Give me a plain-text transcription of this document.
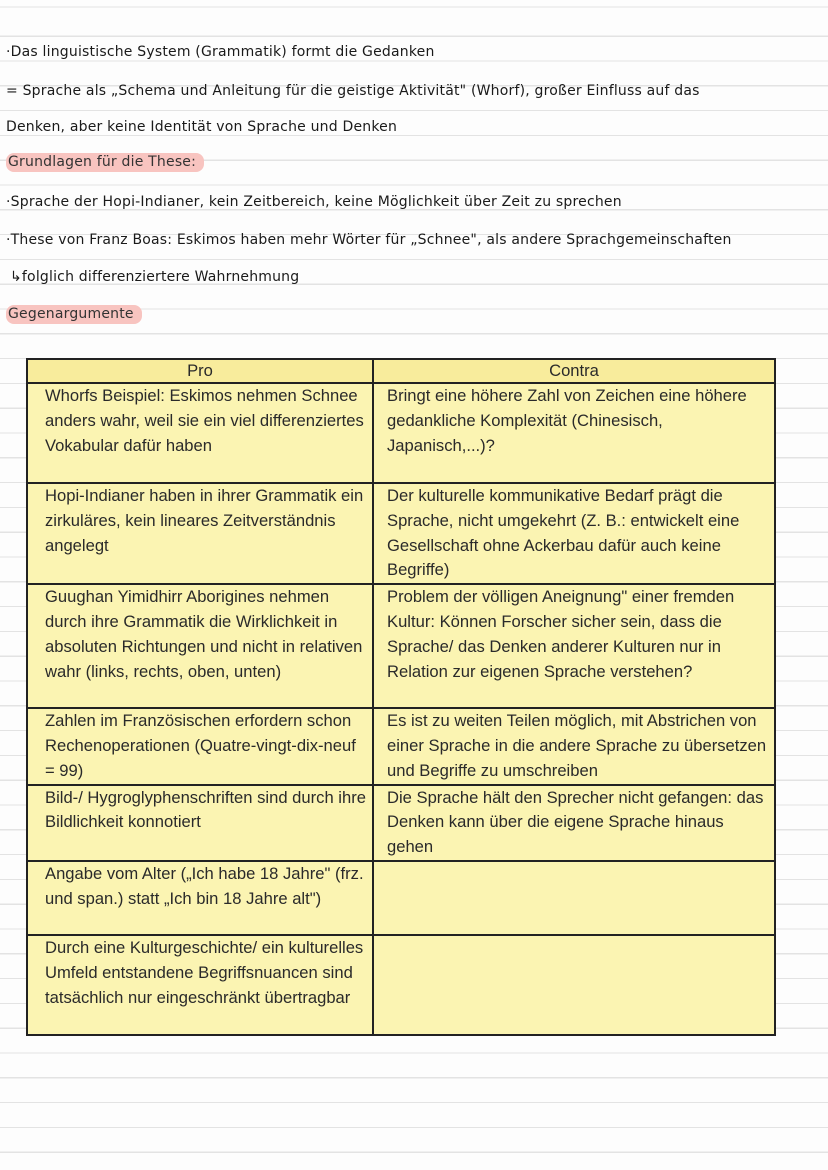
·Das linguistische System (Grammatik) formt die Gedanken
= Sprache als „Schema und Anleitung für die geistige Aktivität" (Whorf), großer Einfluss auf das
Denken, aber keine Identität von Sprache und Denken
Grundlagen für die These:
·Sprache der Hopi-Indianer, kein Zeitbereich, keine Möglichkeit über Zeit zu sprechen
·These von Franz Boas: Eskimos haben mehr Wörter für „Schnee", als andere Sprachgemeinschaften
↳folglich differenziertere Wahrnehmung
Gegenargumente
Pro	Contra
Whorfs Beispiel: Eskimos nehmen Schnee anders wahr, weil sie ein viel differenziertes Vokabular dafür haben	Bringt eine höhere Zahl von Zeichen eine höhere gedankliche Komplexität (Chinesisch, Japanisch,...)?
Hopi-Indianer haben in ihrer Grammatik ein zirkuläres, kein lineares Zeitverständnis angelegt	Der kulturelle kommunikative Bedarf prägt die Sprache, nicht umgekehrt (Z. B.: entwickelt eine Gesellschaft ohne Ackerbau dafür auch keine Begriffe)
Guughan Yimidhirr Aborigines nehmen durch ihre Grammatik die Wirklichkeit in absoluten Richtungen und nicht in relativen wahr (links, rechts, oben, unten)	Problem der völligen Aneignung" einer fremden Kultur: Können Forscher sicher sein, dass die Sprache/ das Denken anderer Kulturen nur in Relation zur eigenen Sprache verstehen?
Zahlen im Französischen erfordern schon Rechenoperationen (Quatre-vingt-dix-neuf = 99)	Es ist zu weiten Teilen möglich, mit Abstrichen von einer Sprache in die andere Sprache zu übersetzen und Begriffe zu umschreiben
Bild-/ Hygroglyphenschriften sind durch ihre Bildlichkeit konnotiert	Die Sprache hält den Sprecher nicht gefangen: das Denken kann über die eigene Sprache hinaus gehen
Angabe vom Alter („Ich habe 18 Jahre" (frz. und span.) statt „Ich bin 18 Jahre alt")	
Durch eine Kulturgeschichte/ ein kulturelles Umfeld entstandene Begriffsnuancen sind tatsächlich nur eingeschränkt übertragbar	
